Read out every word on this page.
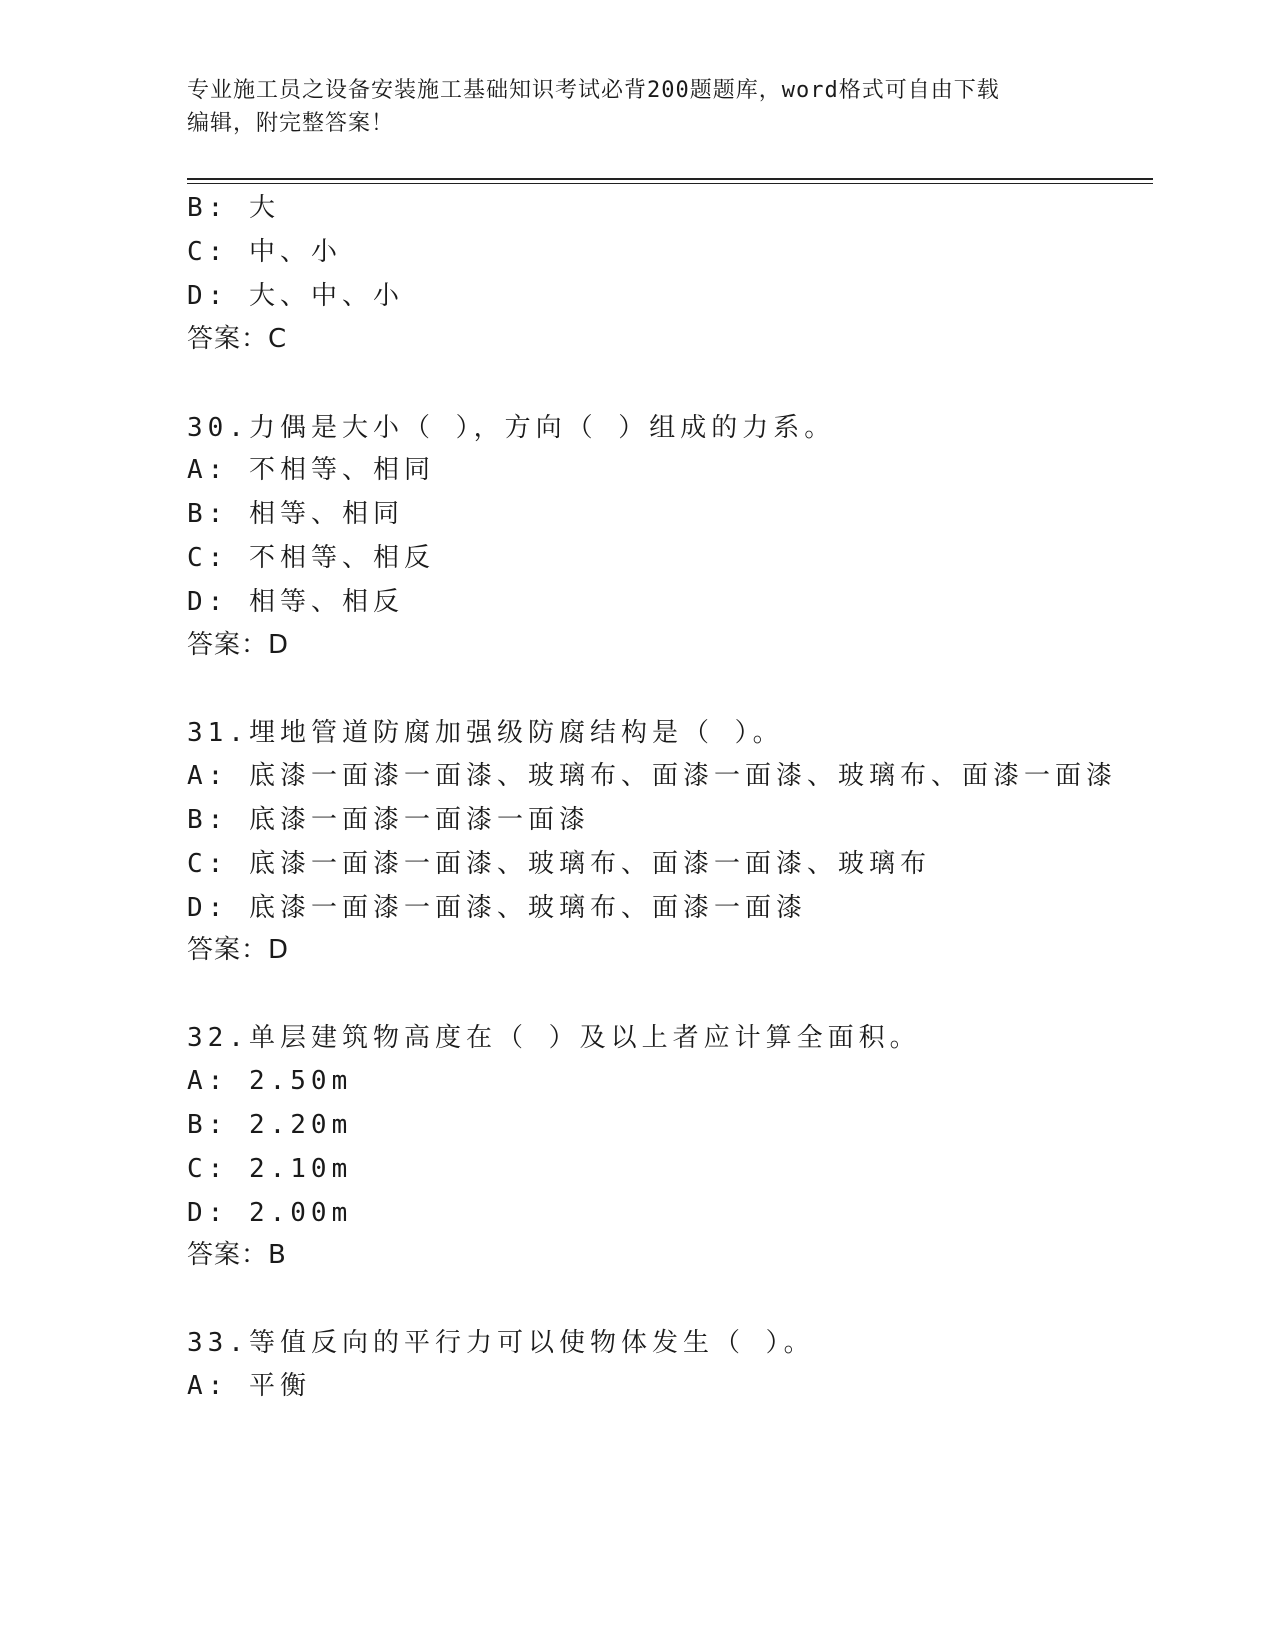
专业施工员之设备安装施工基础知识考试必背200题题库，word格式可自由下载
编辑，附完整答案！
B: 大
C: 中、小
D: 大、中、小
答案：C
30.力偶是大小（ ），方向（ ）组成的力系。
A: 不相等、相同
B: 相等、相同
C: 不相等、相反
D: 相等、相反
答案：D
31.埋地管道防腐加强级防腐结构是（ ）。
A: 底漆一面漆一面漆、玻璃布、面漆一面漆、玻璃布、面漆一面漆
B: 底漆一面漆一面漆一面漆
C: 底漆一面漆一面漆、玻璃布、面漆一面漆、玻璃布
D: 底漆一面漆一面漆、玻璃布、面漆一面漆
答案：D
32.单层建筑物高度在（ ）及以上者应计算全面积。
A: 2.50m
B: 2.20m
C: 2.10m
D: 2.00m
答案：B
33.等值反向的平行力可以使物体发生（ ）。
A: 平衡
